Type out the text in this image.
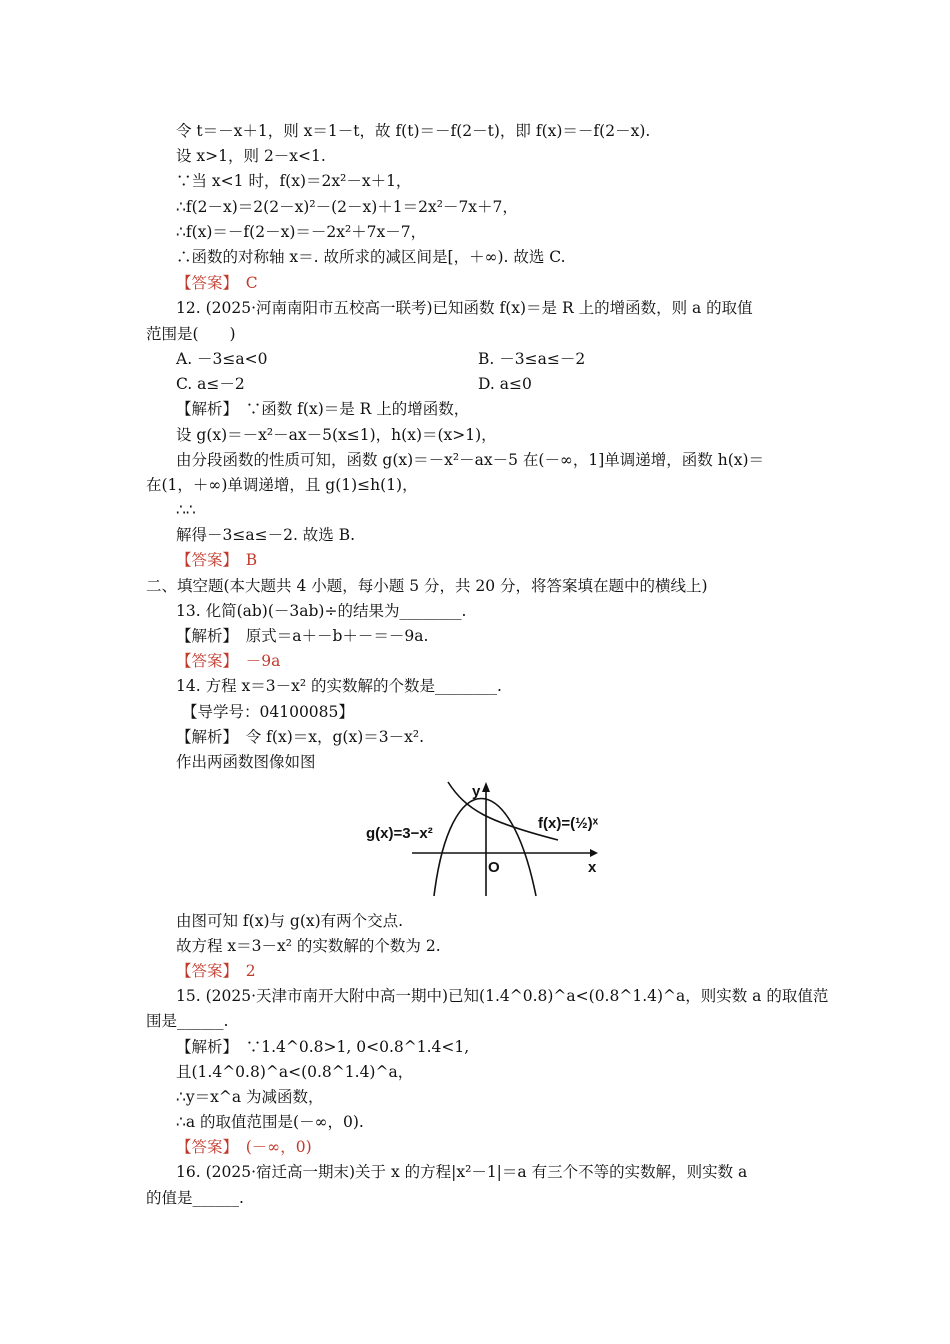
令 t＝－x＋1，则 x＝1－t，故 f(t)＝－f(2－t)，即 f(x)＝－f(2－x).
设 x>1，则 2－x<1.
∵当 x<1 时，f(x)＝2x²－x＋1，
∴f(2－x)＝2(2－x)²－(2－x)＋1＝2x²－7x＋7，
∴f(x)＝－f(2－x)＝－2x²＋7x－7，
∴函数的对称轴 x＝. 故所求的减区间是[，＋∞). 故选 C.
【答案】　C
12. (2025·河南南阳市五校高一联考)已知函数 f(x)＝是 R 上的增函数，则 a 的取值
范围是(　　)
A. －3≤a<0	B. －3≤a≤－2
C. a≤－2	D. a≤0
【解析】　∵函数 f(x)＝是 R 上的增函数，
设 g(x)＝－x²－ax－5(x≤1)，h(x)＝(x>1)，
由分段函数的性质可知，函数 g(x)＝－x²－ax－5 在(－∞，1]单调递增，函数 h(x)＝
在(1，＋∞)单调递增，且 g(1)≤h(1)，
∴∴
解得－3≤a≤－2. 故选 B.
【答案】　B
二、填空题(本大题共 4 小题，每小题 5 分，共 20 分，将答案填在题中的横线上)
13. 化简(ab)(－3ab)÷的结果为________.
【解析】　原式＝a＋－b＋－＝－9a.
【答案】　－9a
14. 方程 x＝3－x² 的实数解的个数是________.
【导学号：04100085】
【解析】　令 f(x)＝x，g(x)＝3－x².
作出两函数图像如图
y
x
O
g(x)=3−x²
f(x)=(½)ˣ
由图可知 f(x)与 g(x)有两个交点.
故方程 x＝3－x² 的实数解的个数为 2.
【答案】　2
15. (2025·天津市南开大附中高一期中)已知(1.4^0.8)^a<(0.8^1.4)^a，则实数 a 的取值范
围是______.
【解析】　∵1.4^0.8>1, 0<0.8^1.4<1,
且(1.4^0.8)^a<(0.8^1.4)^a，
∴y＝x^a 为减函数，
∴a 的取值范围是(－∞，0).
【答案】　(－∞，0)
16. (2025·宿迁高一期末)关于 x 的方程|x²－1|＝a 有三个不等的实数解，则实数 a
的值是______.
